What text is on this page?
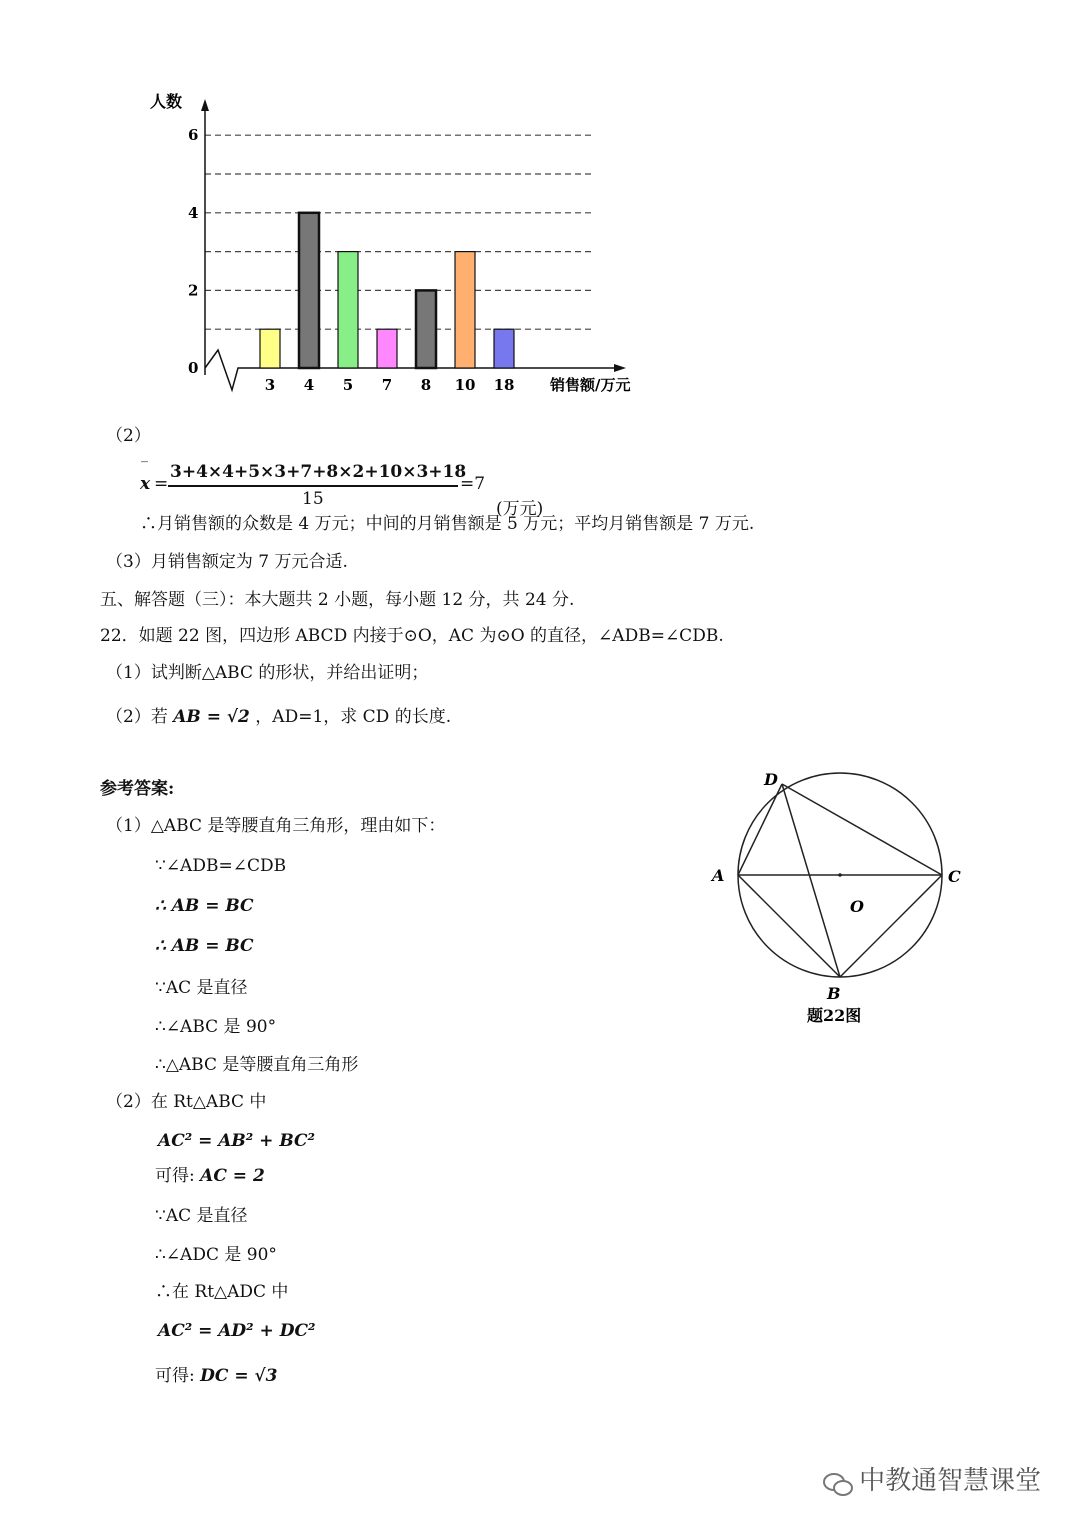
3 4 5 7 8 10 18
0
2
4
6
人数
销售额/万元
（2）
x
‾
=
3+4×4+5×3+7+8×2+10×3+18
15
=7
(万元)
∴月销售额的众数是 4 万元；中间的月销售额是 5 万元；平均月销售额是 7 万元.
（3）月销售额定为 7 万元合适.
五、解答题（三）：本大题共 2 小题，每小题 12 分，共 24 分.
22．如题 22 图，四边形 ABCD 内接于⊙O，AC 为⊙O 的直径，∠ADB=∠CDB.
（1）试判断△ABC 的形状，并给出证明；
（2）若 AB = √2 ，AD=1，求 CD 的长度.
参考答案:
（1）△ABC 是等腰直角三角形，理由如下：
∵∠ADB=∠CDB
∴ AB = BC
∴ AB = BC
∵AC 是直径
∴∠ABC 是 90°
∴△ABC 是等腰直角三角形
（2）在 Rt△ABC 中
AC² = AB² + BC²
可得: AC = 2
∵AC 是直径
∴∠ADC 是 90°
∴在 Rt△ADC 中
AC² = AD² + DC²
可得: DC = √3
D
A	C
O
B
题22图
中教通智慧课堂
